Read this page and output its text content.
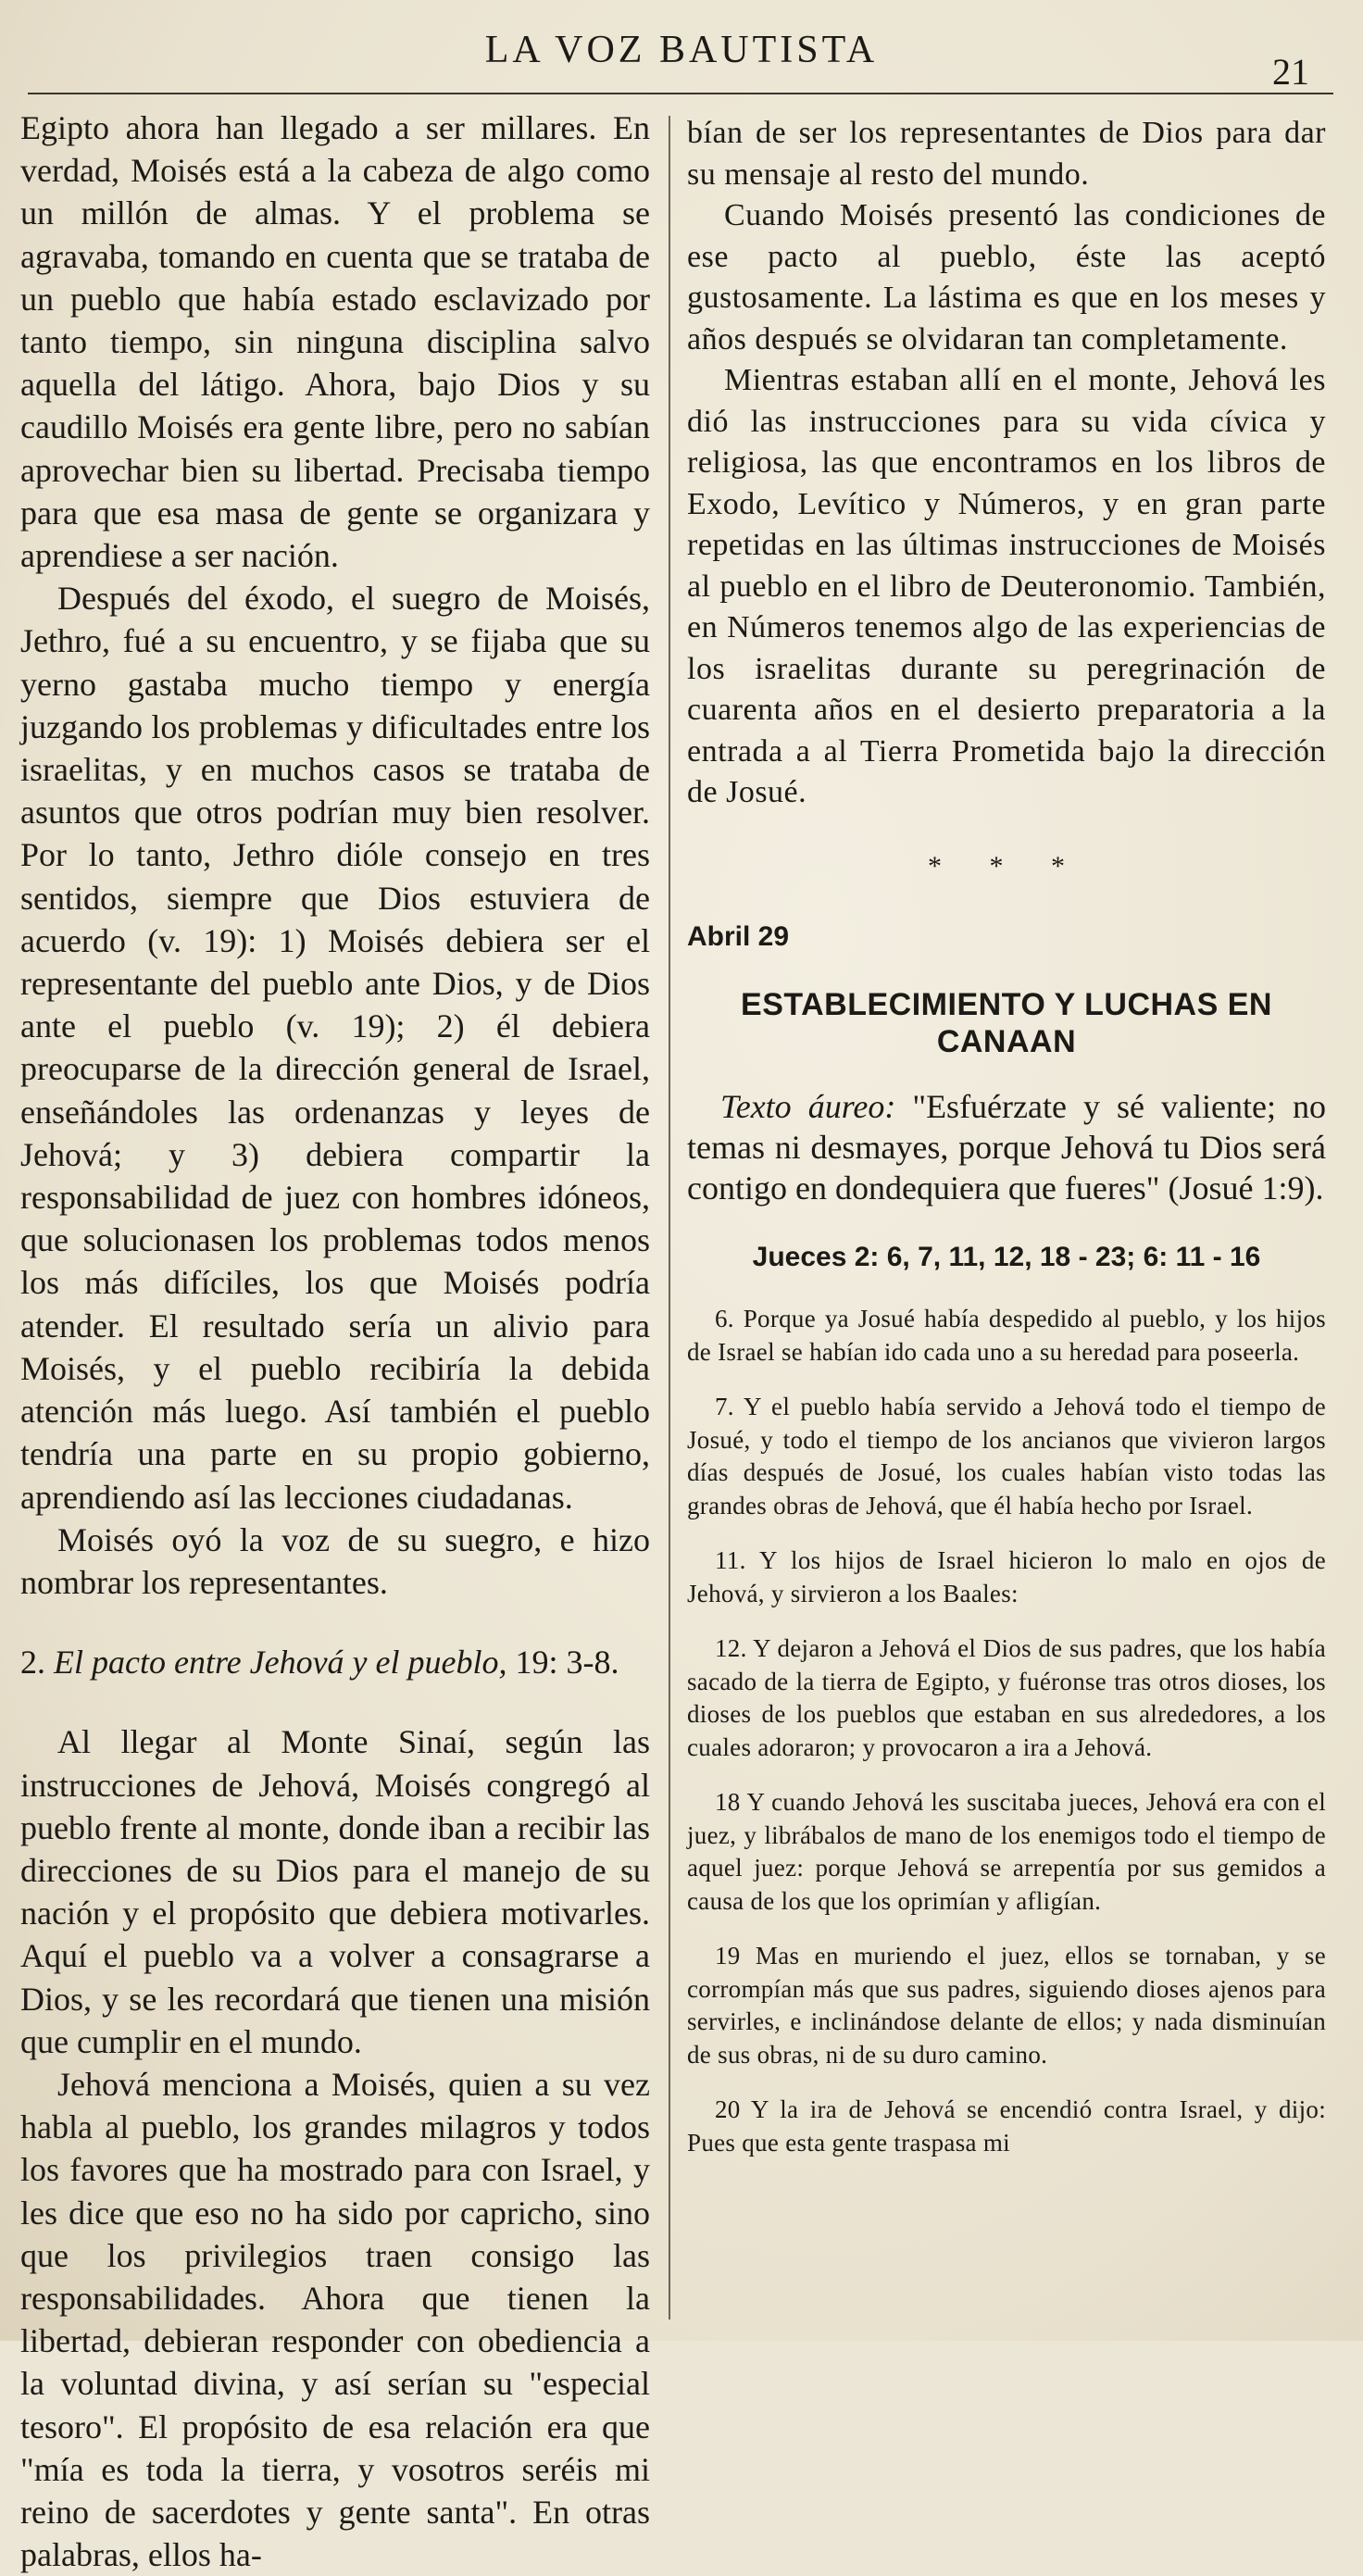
LA VOZ BAUTISTA
21

Egipto ahora han llegado a ser millares. En verdad, Moisés está a la cabeza de algo como un millón de almas. Y el problema se agravaba, tomando en cuenta que se trataba de un pueblo que había estado esclavizado por tanto tiempo, sin ninguna disciplina salvo aquella del látigo. Ahora, bajo Dios y su caudillo Moisés era gente libre, pero no sabían aprovechar bien su libertad. Precisaba tiempo para que esa masa de gente se organizara y aprendiese a ser nación.

Después del éxodo, el suegro de Moisés, Jethro, fué a su encuentro, y se fijaba que su yerno gastaba mucho tiempo y energía juzgando los problemas y dificultades entre los israelitas, y en muchos casos se trataba de asuntos que otros podrían muy bien resolver. Por lo tanto, Jethro dióle consejo en tres sentidos, siempre que Dios estuviera de acuerdo (v. 19): 1) Moisés debiera ser el representante del pueblo ante Dios, y de Dios ante el pueblo (v. 19); 2) él debiera preocuparse de la dirección general de Israel, enseñándoles las ordenanzas y leyes de Jehová; y 3) debiera compartir la responsabilidad de juez con hombres idóneos, que solucionasen los problemas todos menos los más difíciles, los que Moisés podría atender. El resultado sería un alivio para Moisés, y el pueblo recibiría la debida atención más luego. Así también el pueblo tendría una parte en su propio gobierno, aprendiendo así las lecciones ciudadanas.

Moisés oyó la voz de su suegro, e hizo nombrar los representantes.

2. El pacto entre Jehová y el pueblo, 19: 3-8.

Al llegar al Monte Sinaí, según las instrucciones de Jehová, Moisés congregó al pueblo frente al monte, donde iban a recibir las direcciones de su Dios para el manejo de su nación y el propósito que debiera motivarles. Aquí el pueblo va a volver a consagrarse a Dios, y se les recordará que tienen una misión que cumplir en el mundo.

Jehová menciona a Moisés, quien a su vez habla al pueblo, los grandes milagros y todos los favores que ha mostrado para con Israel, y les dice que eso no ha sido por capricho, sino que los privilegios traen consigo las responsabilidades. Ahora que tienen la libertad, debieran responder con obediencia a la voluntad divina, y así serían su "especial tesoro". El propósito de esa relación era que "mía es toda la tierra, y vosotros seréis mi reino de sacerdotes y gente santa". En otras palabras, ellos ha-

bían de ser los representantes de Dios para dar su mensaje al resto del mundo.

Cuando Moisés presentó las condiciones de ese pacto al pueblo, éste las aceptó gustosamente. La lástima es que en los meses y años después se olvidaran tan completamente.

Mientras estaban allí en el monte, Jehová les dió las instrucciones para su vida cívica y religiosa, las que encontramos en los libros de Exodo, Levítico y Números, y en gran parte repetidas en las últimas instrucciones de Moisés al pueblo en el libro de Deuteronomio. También, en Números tenemos algo de las experiencias de los israelitas durante su peregrinación de cuarenta años en el desierto preparatoria a la entrada a al Tierra Prometida bajo la dirección de Josué.

* * *
Abril 29
ESTABLECIMIENTO Y LUCHAS EN CANAAN

Texto áureo: "Esfuérzate y sé valiente; no temas ni desmayes, porque Jehová tu Dios será contigo en dondequiera que fueres" (Josué 1:9).

Jueces 2: 6, 7, 11, 12, 18 - 23; 6: 11 - 16

6. Porque ya Josué había despedido al pueblo, y los hijos de Israel se habían ido cada uno a su heredad para poseerla.

7. Y el pueblo había servido a Jehová todo el tiempo de Josué, y todo el tiempo de los ancianos que vivieron largos días después de Josué, los cuales habían visto todas las grandes obras de Jehová, que él había hecho por Israel.

11. Y los hijos de Israel hicieron lo malo en ojos de Jehová, y sirvieron a los Baales:

12. Y dejaron a Jehová el Dios de sus padres, que los había sacado de la tierra de Egipto, y fuéronse tras otros dioses, los dioses de los pueblos que estaban en sus alrededores, a los cuales adoraron; y provocaron a ira a Jehová.

18 Y cuando Jehová les suscitaba jueces, Jehová era con el juez, y librábalos de mano de los enemigos todo el tiempo de aquel juez: porque Jehová se arrepentía por sus gemidos a causa de los que los oprimían y afligían.

19 Mas en muriendo el juez, ellos se tornaban, y se corrompían más que sus padres, siguiendo dioses ajenos para servirles, e inclinándose delante de ellos; y nada disminuían de sus obras, ni de su duro camino.

20 Y la ira de Jehová se encendió contra Israel, y dijo: Pues que esta gente traspasa mi
